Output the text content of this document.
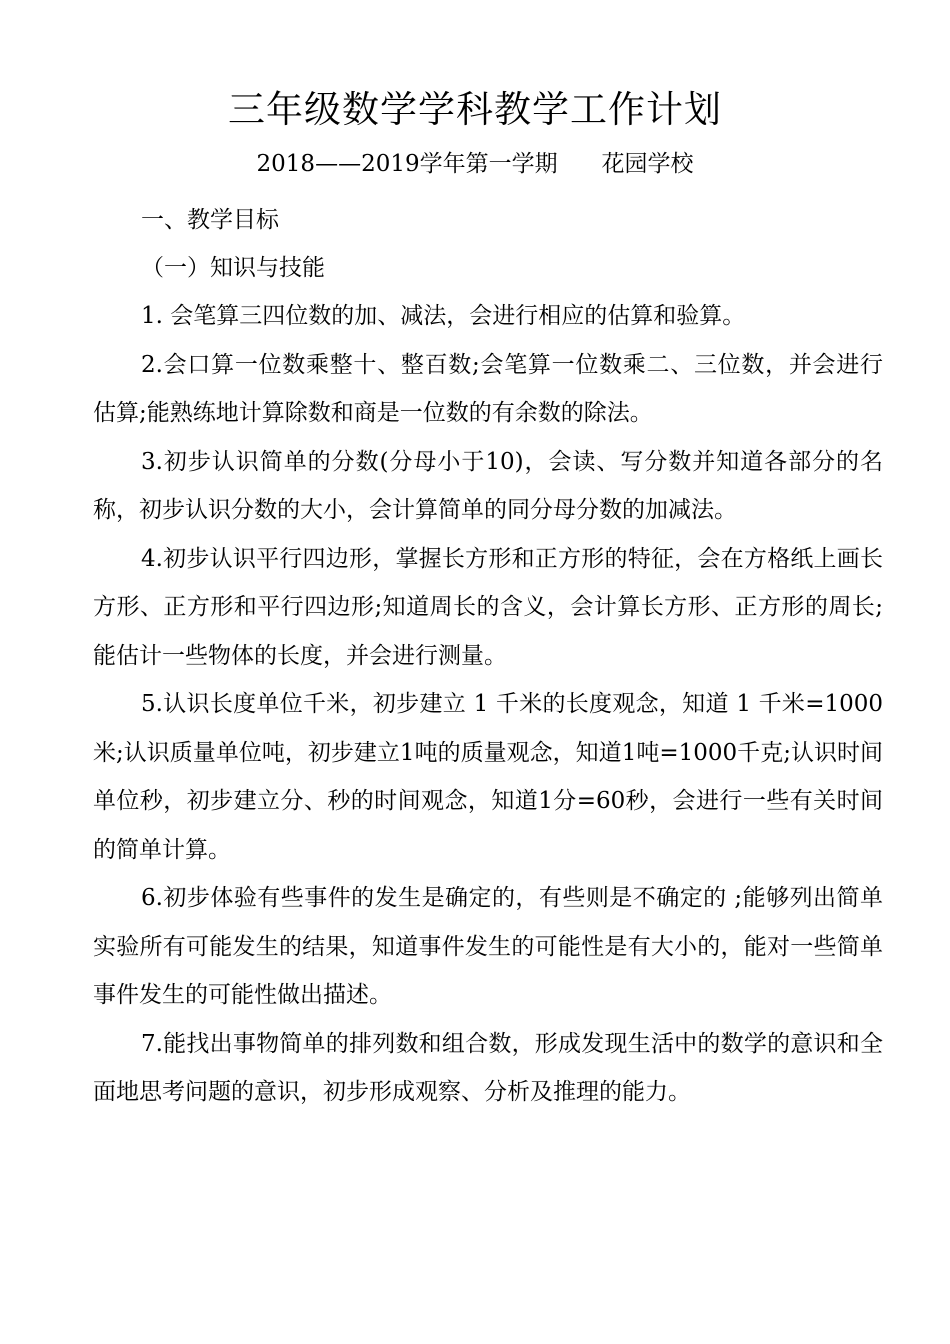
三年级数学学科教学工作计划
2018——2019学年第一学期      花园学校

一、教学目标

（一）知识与技能

1. 会笔算三四位数的加、减法，会进行相应的估算和验算。

2.会口算一位数乘整十、整百数;会笔算一位数乘二、三位数，并会进行估算;能熟练地计算除数和商是一位数的有余数的除法。

3.初步认识简单的分数(分母小于10)，会读、写分数并知道各部分的名称，初步认识分数的大小，会计算简单的同分母分数的加减法。

4.初步认识平行四边形，掌握长方形和正方形的特征，会在方格纸上画长方形、正方形和平行四边形;知道周长的含义，会计算长方形、正方形的周长;能估计一些物体的长度，并会进行测量。

5.认识长度单位千米，初步建立 1 千米的长度观念，知道 1 千米=1000米;认识质量单位吨，初步建立1吨的质量观念，知道1吨=1000千克;认识时间单位秒，初步建立分、秒的时间观念，知道1分=60秒，会进行一些有关时间的简单计算。

6.初步体验有些事件的发生是确定的，有些则是不确定的 ;能够列出简单实验所有可能发生的结果，知道事件发生的可能性是有大小的，能对一些简单事件发生的可能性做出描述。

7.能找出事物简单的排列数和组合数，形成发现生活中的数学的意识和全面地思考问题的意识，初步形成观察、分析及推理的能力。
